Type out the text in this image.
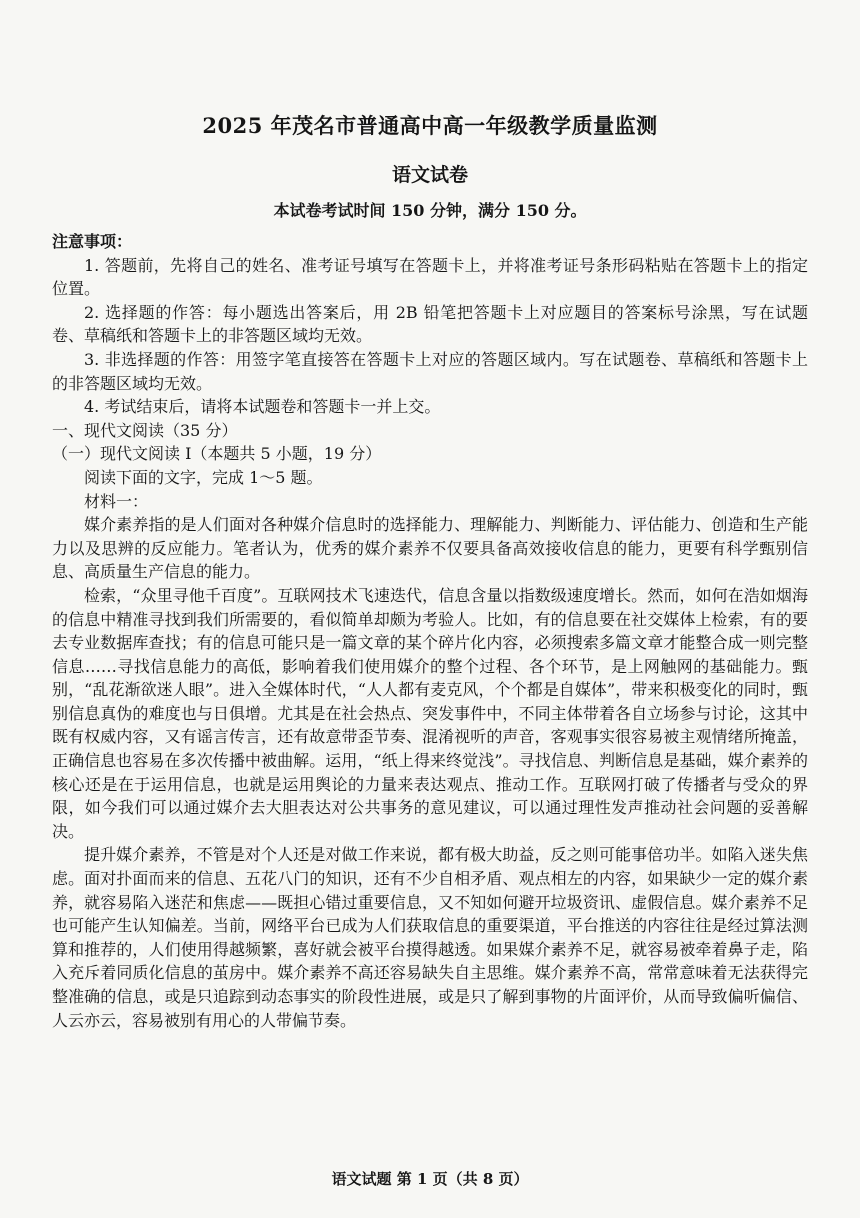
2025 年茂名市普通高中高一年级教学质量监测
语文试卷
本试卷考试时间 150 分钟，满分 150 分。

注意事项：

1. 答题前，先将自己的姓名、准考证号填写在答题卡上，并将准考证号条形码粘贴在答题卡上的指定位置。

2. 选择题的作答：每小题选出答案后，用 2B 铅笔把答题卡上对应题目的答案标号涂黑，写在试题卷、草稿纸和答题卡上的非答题区域均无效。

3. 非选择题的作答：用签字笔直接答在答题卡上对应的答题区域内。写在试题卷、草稿纸和答题卡上的非答题区域均无效。

4. 考试结束后，请将本试题卷和答题卡一并上交。

一、现代文阅读（35 分）

（一）现代文阅读 I（本题共 5 小题，19 分）

阅读下面的文字，完成 1～5 题。

材料一：

媒介素养指的是人们面对各种媒介信息时的选择能力、理解能力、判断能力、评估能力、创造和生产能力以及思辨的反应能力。笔者认为，优秀的媒介素养不仅要具备高效接收信息的能力，更要有科学甄别信息、高质量生产信息的能力。

检索，“众里寻他千百度”。互联网技术飞速迭代，信息含量以指数级速度增长。然而，如何在浩如烟海的信息中精准寻找到我们所需要的，看似简单却颇为考验人。比如，有的信息要在社交媒体上检索，有的要去专业数据库查找；有的信息可能只是一篇文章的某个碎片化内容，必须搜索多篇文章才能整合成一则完整信息……寻找信息能力的高低，影响着我们使用媒介的整个过程、各个环节，是上网触网的基础能力。甄别，“乱花渐欲迷人眼”。进入全媒体时代，“人人都有麦克风，个个都是自媒体”，带来积极变化的同时，甄别信息真伪的难度也与日俱增。尤其是在社会热点、突发事件中，不同主体带着各自立场参与讨论，这其中既有权威内容，又有谣言传言，还有故意带歪节奏、混淆视听的声音，客观事实很容易被主观情绪所掩盖，正确信息也容易在多次传播中被曲解。运用，“纸上得来终觉浅”。寻找信息、判断信息是基础，媒介素养的核心还是在于运用信息，也就是运用舆论的力量来表达观点、推动工作。互联网打破了传播者与受众的界限，如今我们可以通过媒介去大胆表达对公共事务的意见建议，可以通过理性发声推动社会问题的妥善解决。

提升媒介素养，不管是对个人还是对做工作来说，都有极大助益，反之则可能事倍功半。如陷入迷失焦虑。面对扑面而来的信息、五花八门的知识，还有不少自相矛盾、观点相左的内容，如果缺少一定的媒介素养，就容易陷入迷茫和焦虑——既担心错过重要信息，又不知如何避开垃圾资讯、虚假信息。媒介素养不足也可能产生认知偏差。当前，网络平台已成为人们获取信息的重要渠道，平台推送的内容往往是经过算法测算和推荐的，人们使用得越频繁，喜好就会被平台摸得越透。如果媒介素养不足，就容易被牵着鼻子走，陷入充斥着同质化信息的茧房中。媒介素养不高还容易缺失自主思维。媒介素养不高，常常意味着无法获得完整准确的信息，或是只追踪到动态事实的阶段性进展，或是只了解到事物的片面评价，从而导致偏听偏信、人云亦云，容易被别有用心的人带偏节奏。

语文试题 第 1 页（共 8 页）
